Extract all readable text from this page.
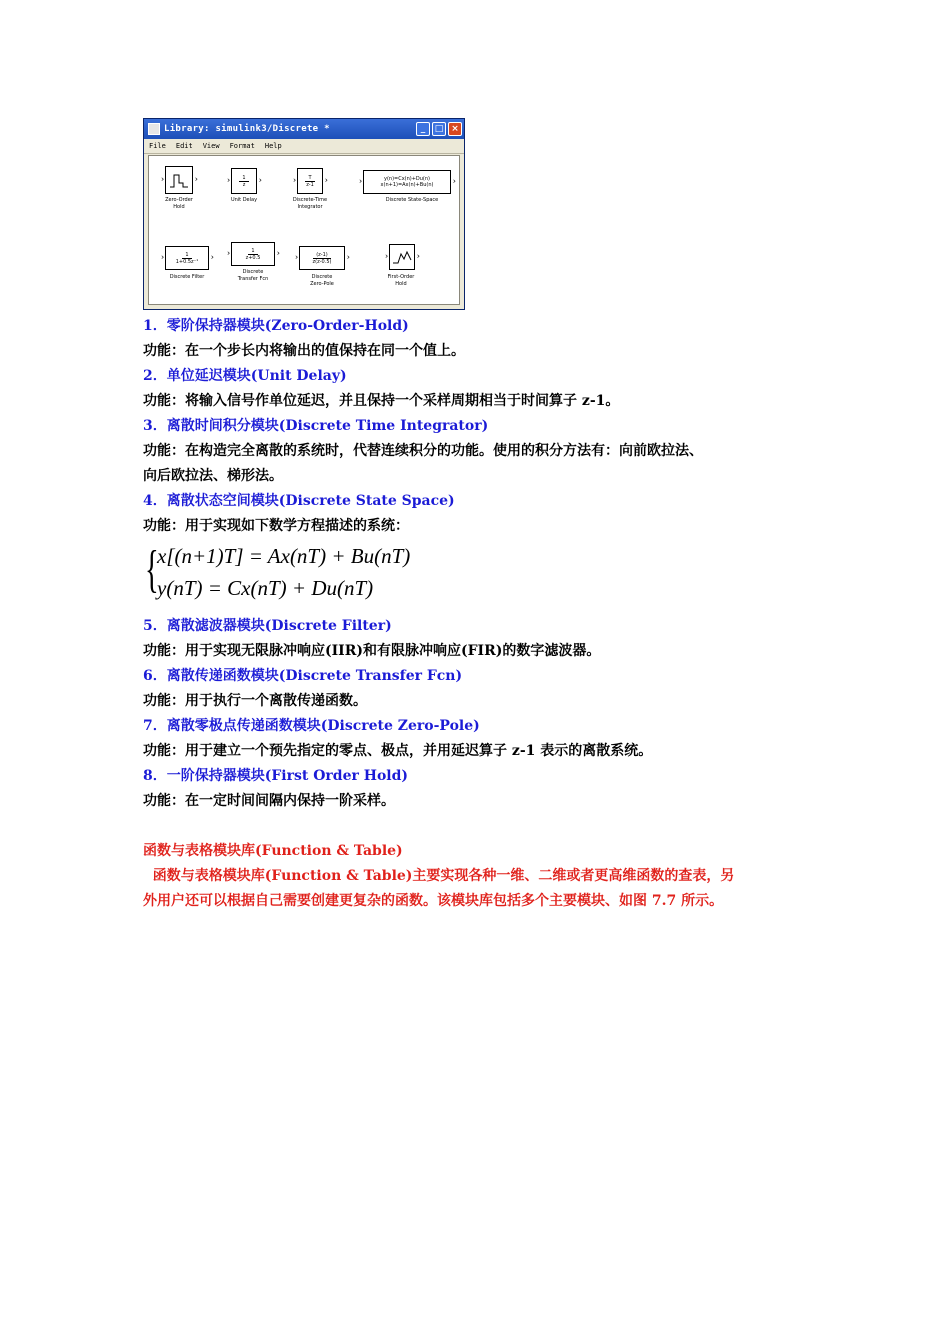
Library: simulink3/Discrete *	_	□ ×
File Edit View Format Help
›
›
Zero-Order
Hold
› $\frac{1}{z}$
›
Unit Delay
› $\frac{T}{z-1}$
›
Discrete-Time
Integrator
› y(n)=Cx(n)+Du(n)
x(n+1)=Ax(n)+Bu(n)
›
Discrete State-Space
› $\frac{1}{\text{1+0.5z⁻¹}}$
›
Discrete Filter
› $\frac{1}{z+0.5}$
›
Discrete
Transfer Fcn
› $\frac{(z-1)}{z(z-0.5)}$
›
Discrete
Zero-Pole
›
›
First-Order
Hold
1．零阶保持器模块(Zero-Order-Hold)
功能：在一个步长内将输出的值保持在同一个值上。
2．单位延迟模块(Unit Delay)
功能：将输入信号作单位延迟，并且保持一个采样周期相当于时间算子 z-1。
3．离散时间积分模块(Discrete Time Integrator)
功能：在构造完全离散的系统时，代替连续积分的功能。使用的积分方法有：向前欧拉法、
向后欧拉法、梯形法。
4．离散状态空间模块(Discrete State Space)
功能：用于实现如下数学方程描述的系统：
{
x[(n+1)T] = Ax(nT) + Bu(nT)
y(nT) = Cx(nT) + Du(nT)
5．离散滤波器模块(Discrete Filter)
功能：用于实现无限脉冲响应(IIR)和有限脉冲响应(FIR)的数字滤波器。
6．离散传递函数模块(Discrete Transfer Fcn)
功能：用于执行一个离散传递函数。
7．离散零极点传递函数模块(Discrete Zero-Pole)
功能：用于建立一个预先指定的零点、极点，并用延迟算子 z-1 表示的离散系统。
8．一阶保持器模块(First Order Hold)
功能：在一定时间间隔内保持一阶采样。
函数与表格模块库(Function & Table)
函数与表格模块库(Function & Table)主要实现各种一维、二维或者更高维函数的查表，另
外用户还可以根据自己需要创建更复杂的函数。该模块库包括多个主要模块、如图 7.7 所示。
